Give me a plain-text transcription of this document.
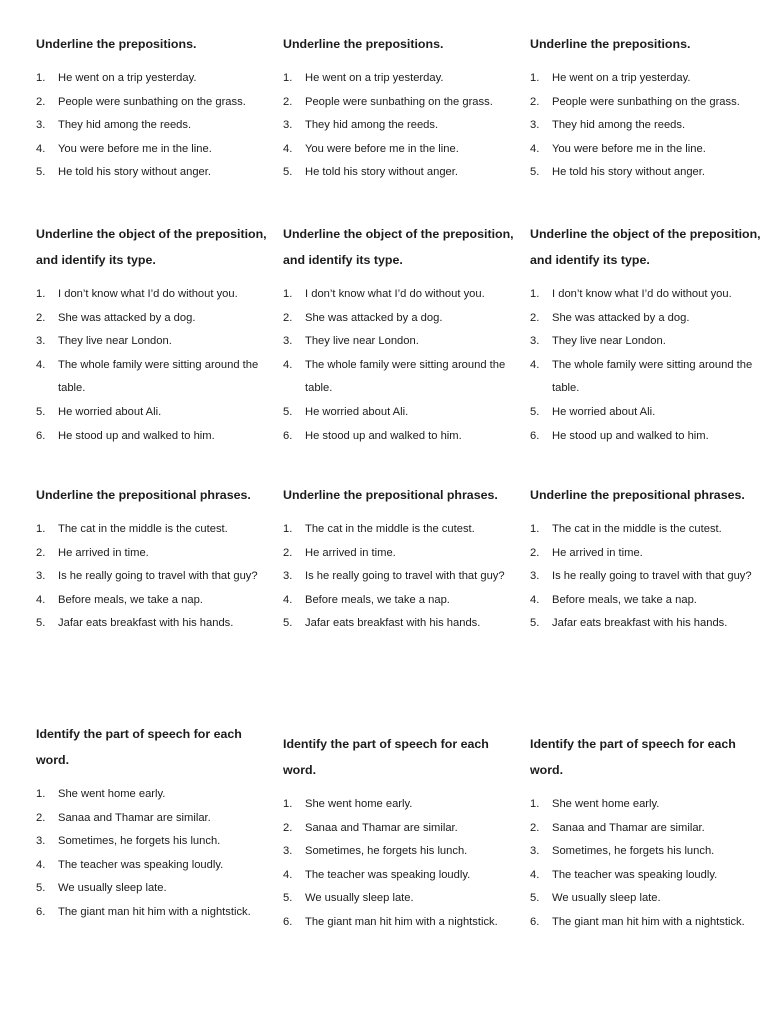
Underline the prepositions.

1. He went on a trip yesterday.
2. People were sunbathing on the grass.
3. They hid among the reeds.
4. You were before me in the line.
5. He told his story without anger.

Underline the object of the preposition, and identify its type.

1. I don’t know what I’d do without you.
2. She was attacked by a dog.
3. They live near London.
4. The whole family were sitting around the table.
5. He worried about Ali.
6. He stood up and walked to him.

Underline the prepositional phrases.

1. The cat in the middle is the cutest.
2. He arrived in time.
3. Is he really going to travel with that guy?
4. Before meals, we take a nap.
5. Jafar eats breakfast with his hands.

Identify the part of speech for each word.

1. She went home early.
2. Sanaa and Thamar are similar.
3. Sometimes, he forgets his lunch.
4. The teacher was speaking loudly.
5. We usually sleep late.
6. The giant man hit him with a nightstick.

Underline the prepositions.

1. He went on a trip yesterday.
2. People were sunbathing on the grass.
3. They hid among the reeds.
4. You were before me in the line.
5. He told his story without anger.

Underline the object of the preposition, and identify its type.

1. I don’t know what I’d do without you.
2. She was attacked by a dog.
3. They live near London.
4. The whole family were sitting around the table.
5. He worried about Ali.
6. He stood up and walked to him.

Underline the prepositional phrases.

1. The cat in the middle is the cutest.
2. He arrived in time.
3. Is he really going to travel with that guy?
4. Before meals, we take a nap.
5. Jafar eats breakfast with his hands.

Identify the part of speech for each word.

1. She went home early.
2. Sanaa and Thamar are similar.
3. Sometimes, he forgets his lunch.
4. The teacher was speaking loudly.
5. We usually sleep late.
6. The giant man hit him with a nightstick.

Underline the prepositions.

1. He went on a trip yesterday.
2. People were sunbathing on the grass.
3. They hid among the reeds.
4. You were before me in the line.
5. He told his story without anger.

Underline the object of the preposition, and identify its type.

1. I don’t know what I’d do without you.
2. She was attacked by a dog.
3. They live near London.
4. The whole family were sitting around the table.
5. He worried about Ali.
6. He stood up and walked to him.

Underline the prepositional phrases.

1. The cat in the middle is the cutest.
2. He arrived in time.
3. Is he really going to travel with that guy?
4. Before meals, we take a nap.
5. Jafar eats breakfast with his hands.

Identify the part of speech for each word.

1. She went home early.
2. Sanaa and Thamar are similar.
3. Sometimes, he forgets his lunch.
4. The teacher was speaking loudly.
5. We usually sleep late.
6. The giant man hit him with a nightstick.
